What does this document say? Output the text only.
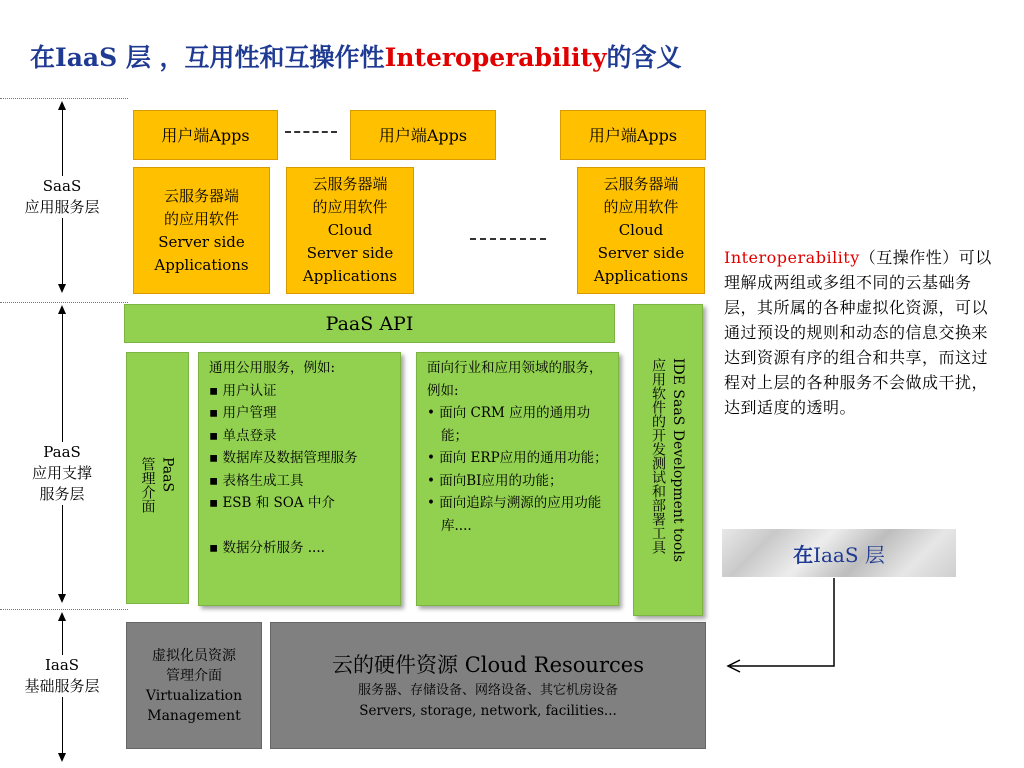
在IaaS 层 ，互用性和互操作性Interoperability的含义
SaaS
应用服务层
PaaS
应用支撑
服务层
IaaS
基础服务层
用户端Apps	用户端Apps	用户端Apps
云服务器端
的应用软件
Server side
Applications
云服务器端
的应用软件
Cloud
Server side
Applications
云服务器端
的应用软件
Cloud
Server side
Applications
PaaS API
PaaS
管理介面
通用公用服务，例如:
▪ 用户认证
▪ 用户管理
▪ 单点登录
▪ 数据库及数据管理服务
▪ 表格生成工具
▪ ESB 和 SOA 中介
▪ 数据分析服务 ....
面向行业和应用领域的服务， 例如:
• 面向 CRM 应用的通用功能；
• 面向 ERP应用的通用功能；
• 面向BI应用的功能；
• 面向追踪与溯源的应用功能库....	IDE SaaS Development tools
应用软件的开发测试和部署工具
虚拟化员资源
管理介面
Virtualization
Management
云的硬件资源 Cloud Resources
服务器、存储设备、网络设备、其它机房设备
Servers, storage, network, facilities...
Interoperability（互操作性）可以理解成两组或多组不同的云基础务层，其所属的各种虚拟化资源，可以通过预设的规则和动态的信息交换来达到资源有序的组合和共享，而这过程对上层的各种服务不会做成干扰，达到适度的透明。
在 IaaS 层
